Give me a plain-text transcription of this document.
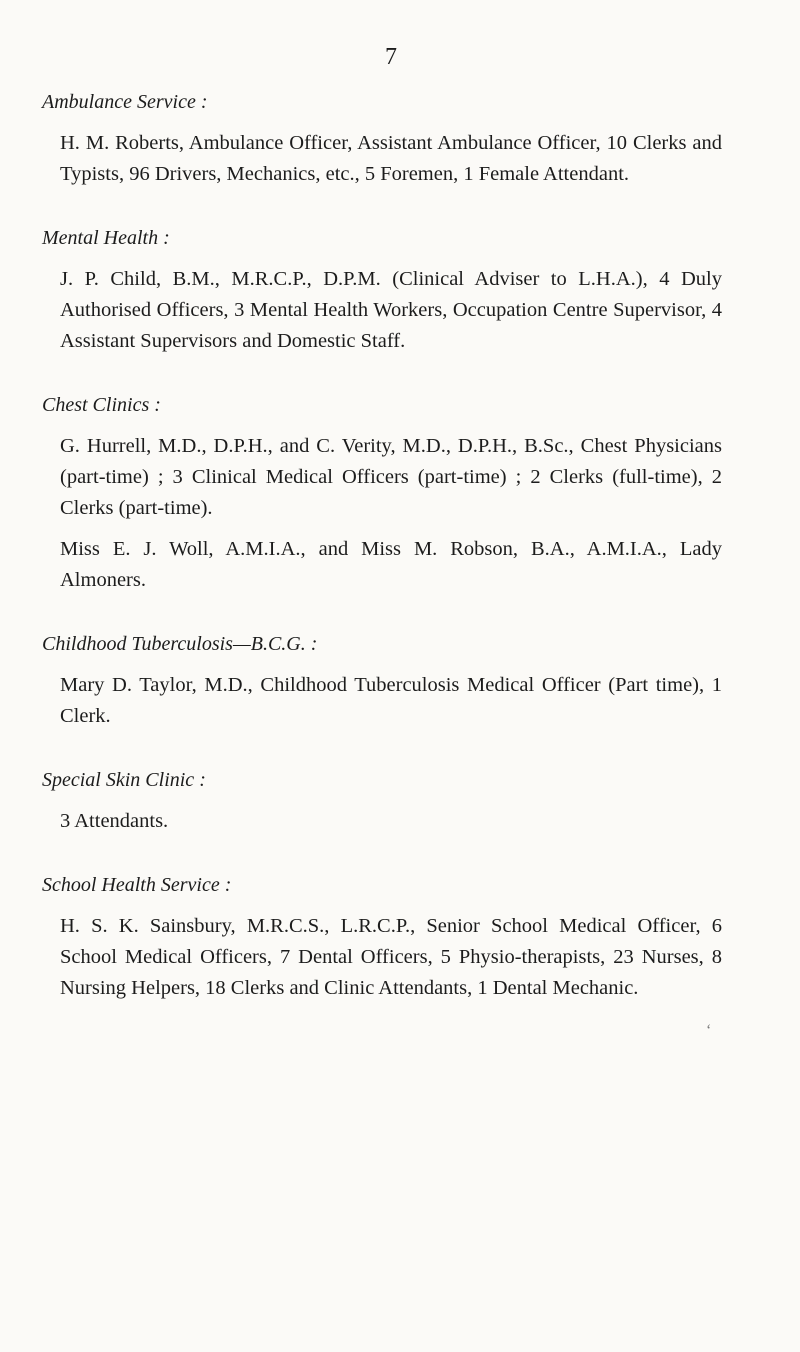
7
Ambulance Service :

H. M. Roberts, Ambulance Officer, Assistant Ambulance Officer, 10 Clerks and Typists, 96 Drivers, Mechanics, etc., 5 Foremen, 1 Female Attendant.

Mental Health :

J. P. Child, B.M., M.R.C.P., D.P.M. (Clinical Adviser to L.H.A.), 4 Duly Authorised Officers, 3 Mental Health Workers, Occupation Centre Supervisor, 4 Assistant Supervisors and Domestic Staff.

Chest Clinics :

G. Hurrell, M.D., D.P.H., and C. Verity, M.D., D.P.H., B.Sc., Chest Physicians (part-time) ; 3 Clinical Medical Officers (part-time) ; 2 Clerks (full-time), 2 Clerks (part-time).

Miss E. J. Woll, A.M.I.A., and Miss M. Robson, B.A., A.M.I.A., Lady Almoners.

Childhood Tuberculosis—B.C.G. :

Mary D. Taylor, M.D., Childhood Tuberculosis Medical Officer (Part time), 1 Clerk.

Special Skin Clinic :

3 Attendants.

School Health Service :

H. S. K. Sainsbury, M.R.C.S., L.R.C.P., Senior School Medical Officer, 6 School Medical Officers, 7 Dental Officers, 5 Physio-therapists, 23 Nurses, 8 Nursing Helpers, 18 Clerks and Clinic Attendants, 1 Dental Mechanic.

‘
